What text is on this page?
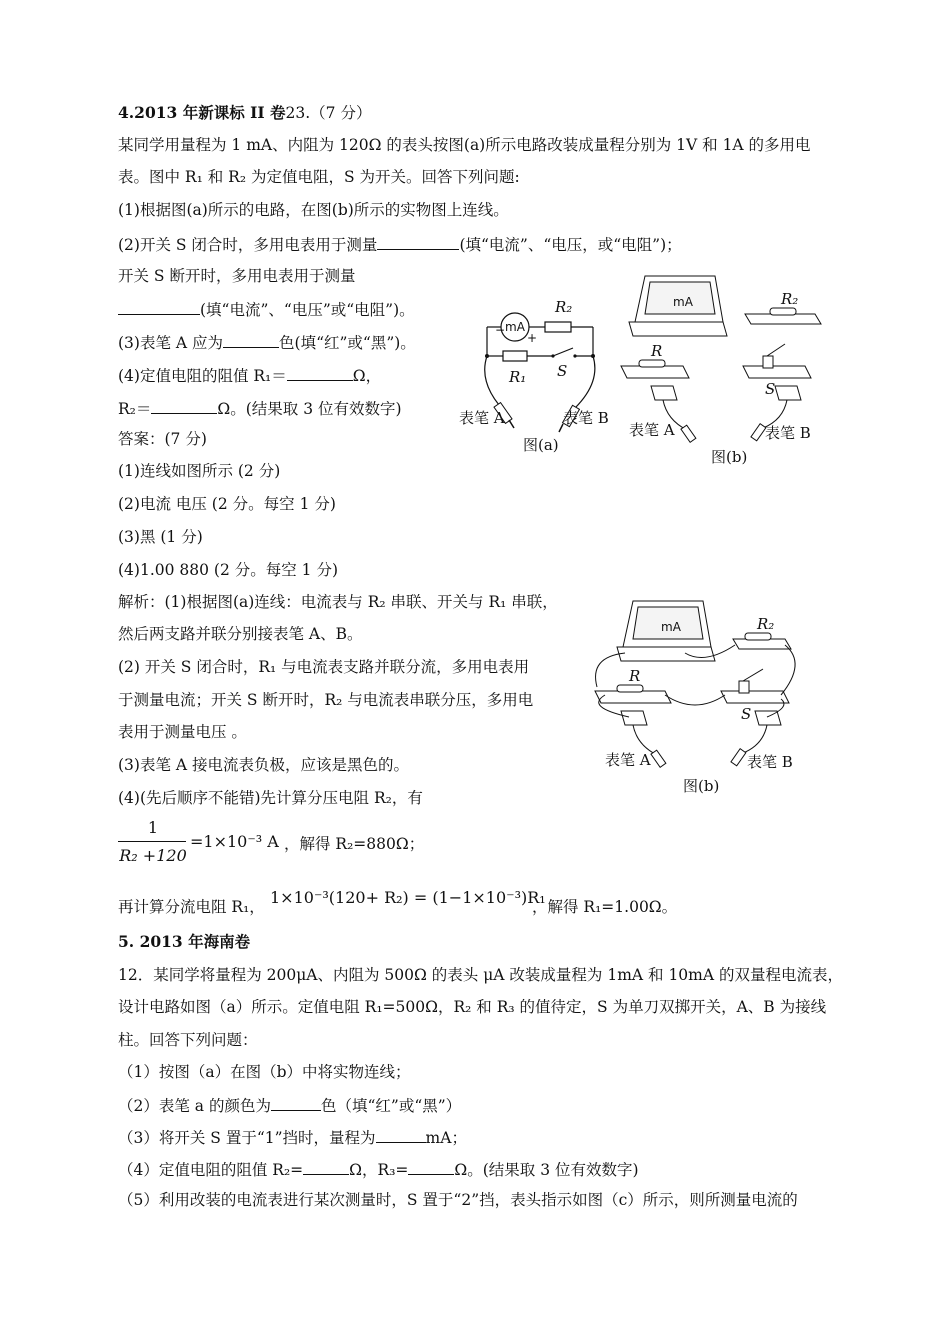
4.2013 年新课标 II 卷23.（7 分）
某同学用量程为 1 mA、内阻为 120Ω 的表头按图(a)所示电路改装成量程分别为 1V 和 1A 的多用电
表。图中 R₁ 和 R₂ 为定值电阻，S 为开关。回答下列问题:
(1)根据图(a)所示的电路，在图(b)所示的实物图上连线。
(2)开关 S 闭合时，多用电表用于测量	(填“电流”、“电压，或“电阻”)；
开关 S 断开时，多用电表用于测量
(填“电流”、“电压”或“电阻”)。
(3)表笔 A 应为	色(填“红”或“黑”)。
(4)定值电阻的阻值 R₁＝	Ω，
R₂＝	Ω。(结果取 3 位有效数字)
答案：(7 分)
(1)连线如图所示 (2 分)
(2)电流 电压 (2 分。每空 1 分)
(3)黑 (1 分)
(4)1.00 880 (2 分。每空 1 分)
解析：(1)根据图(a)连线：电流表与 R₂ 串联、开关与 R₁ 串联，
然后两支路并联分别接表笔 A、B。
(2) 开关 S 闭合时，R₁ 与电流表支路并联分流，多用电表用
于测量电流；开关 S 断开时，R₂ 与电流表串联分压，多用电
表用于测量电压 。
(3)表笔 A 接电流表负极，应该是黑色的。
(4)(先后顺序不能错)先计算分压电阻 R₂，有
1
R₂ +120
=1×10⁻³ A ，解得 R₂=880Ω；
再计算分流电阻 R₁， 1×10⁻³(120+ R₂) = (1−1×10⁻³)R₁
，解得 R₁=1.00Ω。
5. 2013 年海南卷
12．某同学将量程为 200μA、内阻为 500Ω 的表头 μA 改装成量程为 1mA 和 10mA 的双量程电流表，
设计电路如图（a）所示。定值电阻 R₁=500Ω，R₂ 和 R₃ 的值待定，S 为单刀双掷开关，A、B 为接线
柱。回答下列问题：
（1）按图（a）在图（b）中将实物连线；
（2）表笔 a 的颜色为	色（填“红”或“黑”）
（3）将开关 S 置于“1”挡时，量程为	mA；
（4）定值电阻的阻值 R₂=	Ω，R₃=	Ω。(结果取 3 位有效数字)
（5）利用改装的电流表进行某次测量时，S 置于“2”挡，表头指示如图（c）所示，则所测量电流的
mA
−
+
R₂
R₁ S
表笔 A	表笔 B
图(a)
mA	R₂
R
S
表笔 A	表笔 B
图(b)
mA	R₂
R
S
表笔 A	表笔 B
图(b)
